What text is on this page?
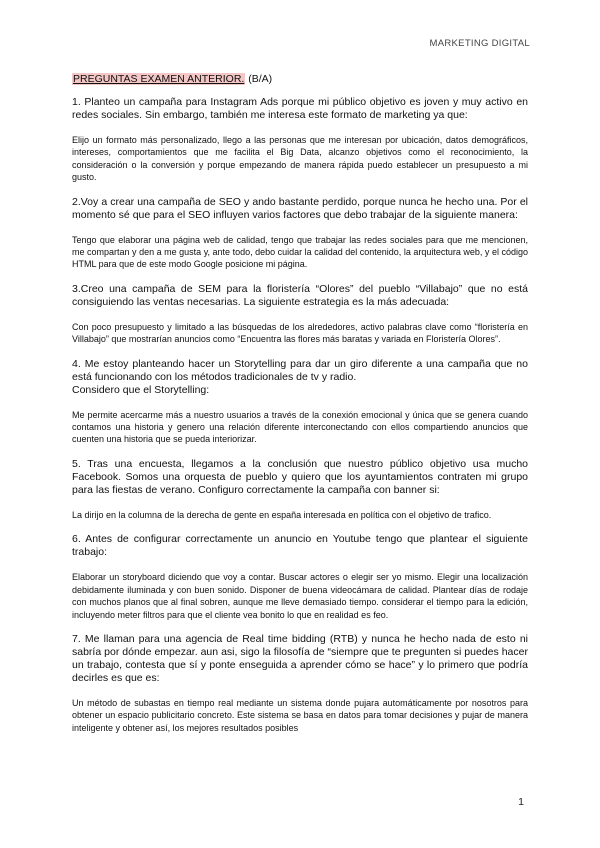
MARKETING DIGITAL
PREGUNTAS EXAMEN ANTERIOR. (B/A)

1. Planteo un campaña para Instagram Ads porque mi público objetivo es joven y muy activo en redes sociales. Sin embargo, también me interesa este formato de marketing ya que:

Elijo un formato más personalizado, llego a las personas que me interesan por ubicación, datos demográficos, intereses, comportamientos que me facilita el Big Data, alcanzo objetivos como el reconocimiento, la consideración o la conversión y porque empezando de manera rápida puedo establecer un presupuesto a mi gusto.

2.Voy a crear una campaña de SEO y ando bastante perdido, porque nunca he hecho una. Por el momento sé que para el SEO influyen varios factores que debo trabajar de la siguiente manera:

Tengo que elaborar una página web de calidad, tengo que trabajar las redes sociales para que me mencionen, me compartan y den a me gusta y, ante todo, debo cuidar la calidad del contenido, la arquitectura web, y el código HTML para que de este modo Google posicione mi página.

3.Creo una campaña de SEM para la floristería “Olores” del pueblo “Villabajo” que no está consiguiendo las ventas necesarias. La siguiente estrategia es la más adecuada:

Con poco presupuesto y limitado a las búsquedas de los alrededores, activo palabras clave como “floristería en Villabajo” que mostrarían anuncios como “Encuentra las flores más baratas y variada en Floristería Olores”.

4. Me estoy planteando hacer un Storytelling para dar un giro diferente a una campaña que no está funcionando con los métodos tradicionales de tv y radio.
Considero que el Storytelling:

Me permite acercarme más a nuestro usuarios a través de la conexión emocional y única que se genera cuando contamos una historia y genero una relación diferente interconectando con ellos compartiendo anuncios que cuenten una historia que se pueda interiorizar.

5. Tras una encuesta, llegamos a la conclusión que nuestro público objetivo usa mucho Facebook. Somos una orquesta de pueblo y quiero que los ayuntamientos contraten mi grupo para las fiestas de verano. Configuro correctamente la campaña con banner si:

La dirijo en la columna de la derecha de gente en españa interesada en política con el objetivo de trafico.

6. Antes de configurar correctamente un anuncio en Youtube tengo que plantear el siguiente trabajo:

Elaborar un storyboard diciendo que voy a contar. Buscar actores o elegir ser yo mismo. Elegir una localización debidamente iluminada y con buen sonido. Disponer de buena videocámara de calidad. Plantear días de rodaje con muchos planos que al final sobren, aunque me lleve demasiado tiempo. considerar el tiempo para la edición, incluyendo meter filtros para que el cliente vea bonito lo que en realidad es feo.

7. Me llaman para una agencia de Real time bidding (RTB) y nunca he hecho nada de esto ni sabría por dónde empezar. aun asi, sigo la filosofía de “siempre que te pregunten si puedes hacer un trabajo, contesta que sí y ponte enseguida a aprender cómo se hace” y lo primero que podría decirles es que es:

Un método de subastas en tiempo real mediante un sistema donde pujara automáticamente por nosotros para obtener un espacio publicitario concreto. Este sistema se basa en datos para tomar decisiones y pujar de manera inteligente y obtener así, los mejores resultados posibles

1
